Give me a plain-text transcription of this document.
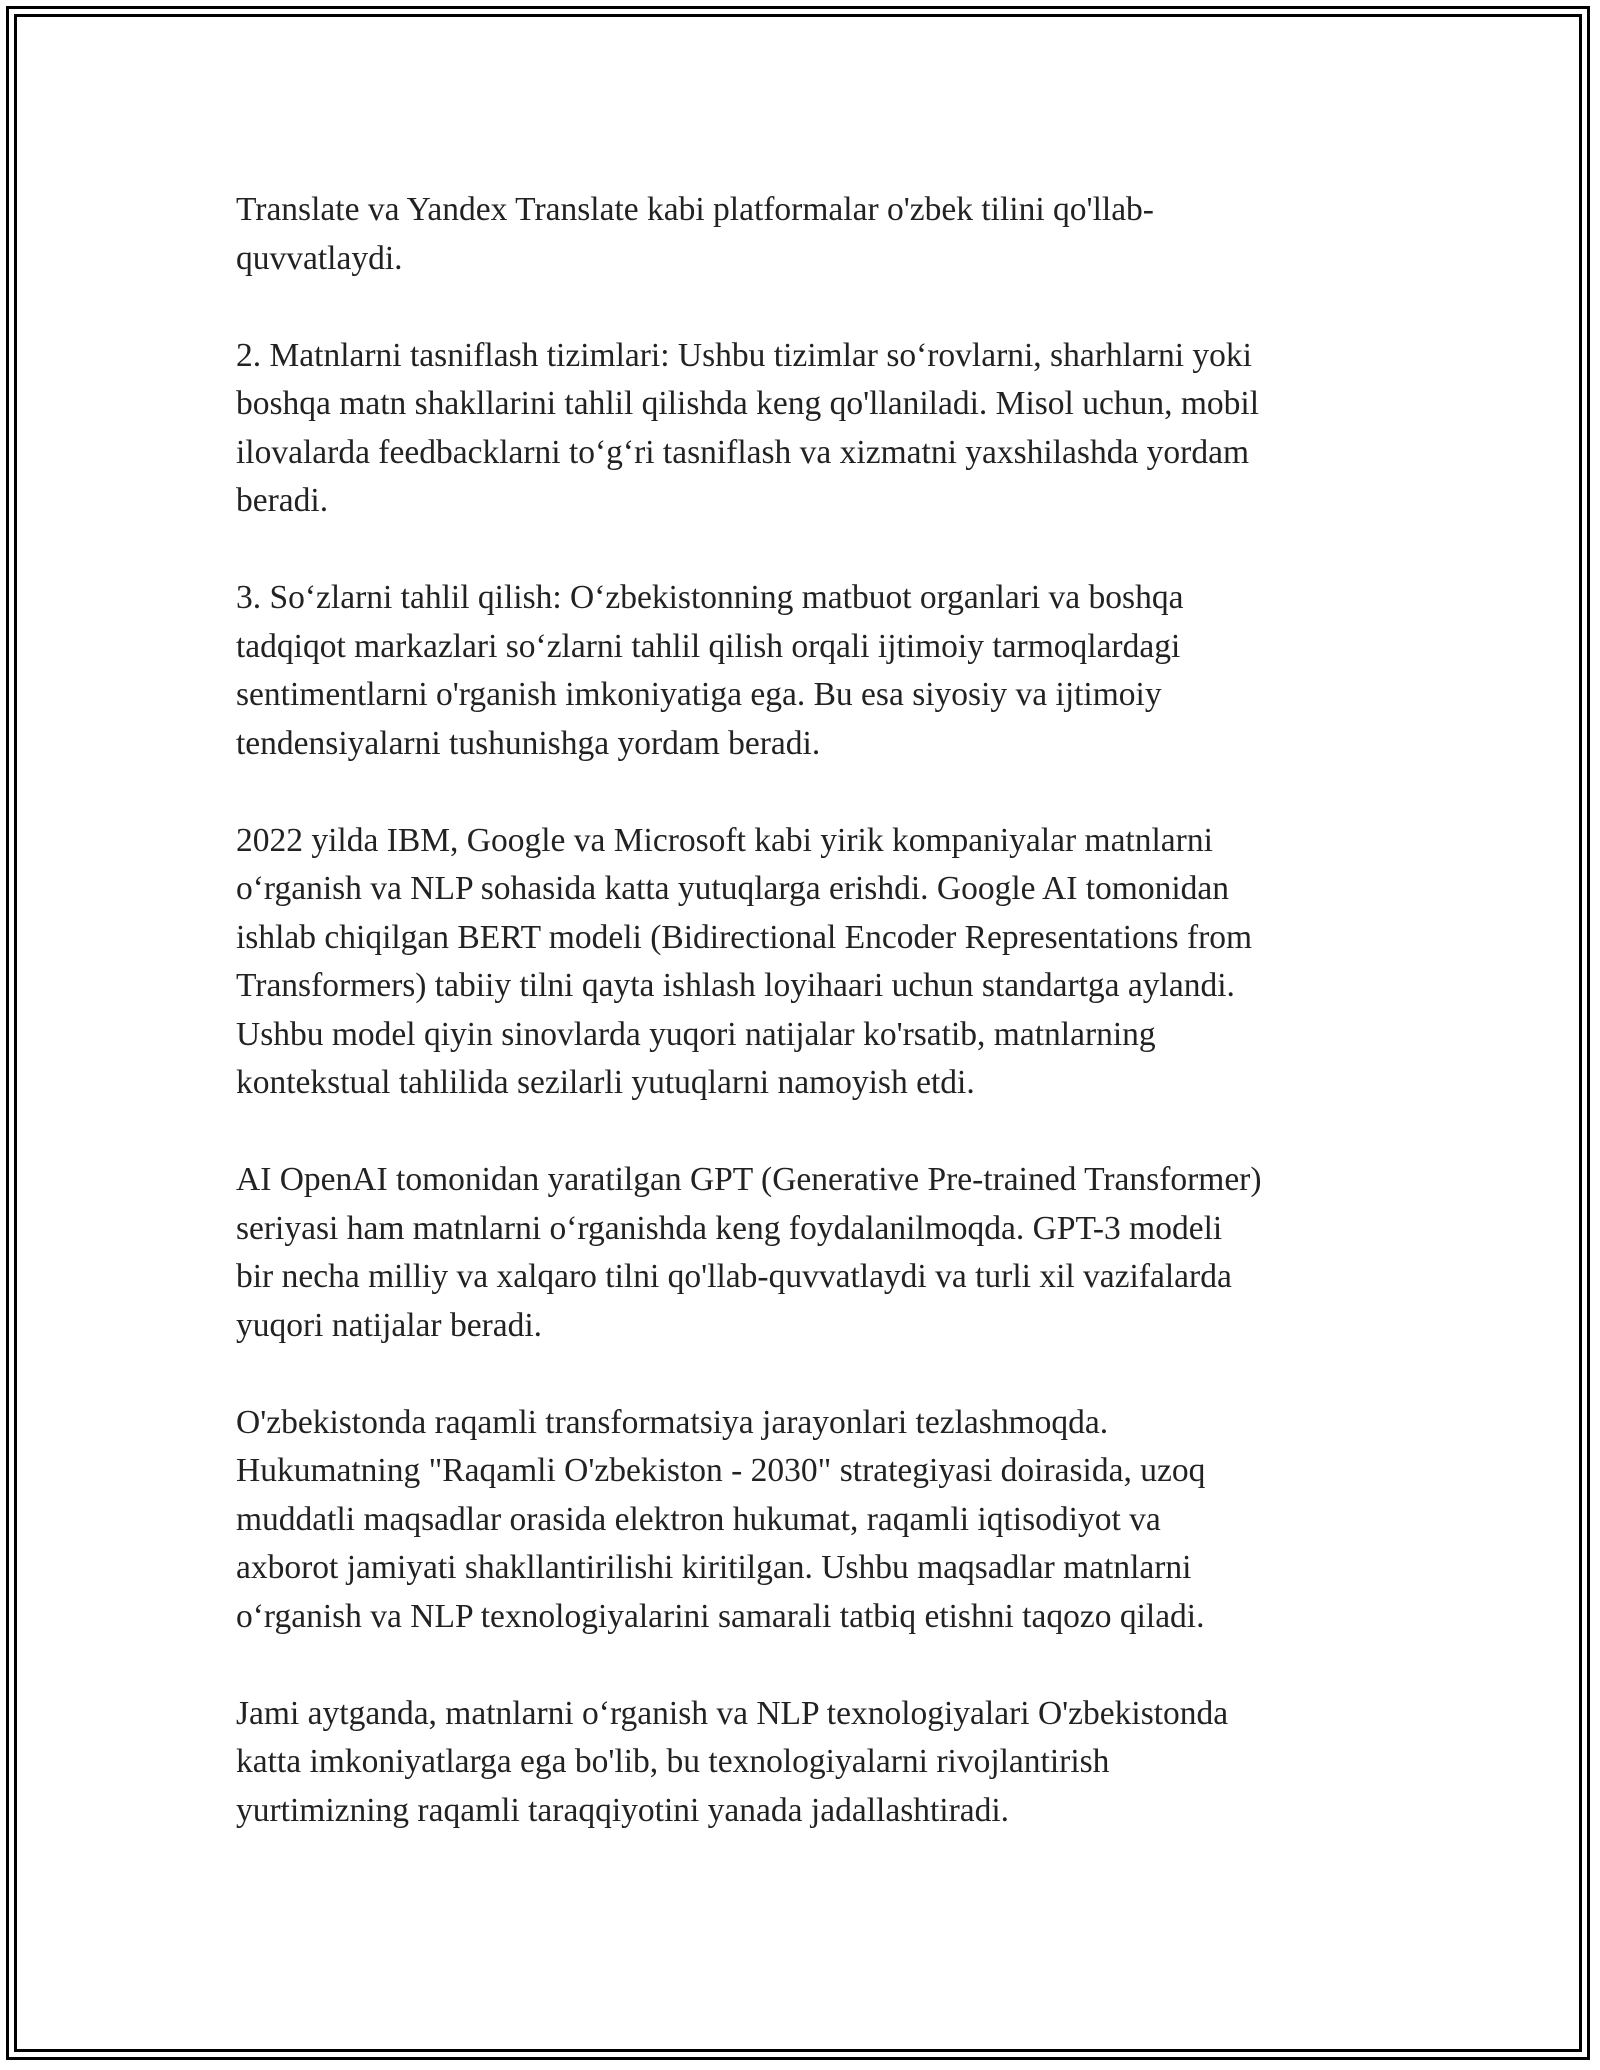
Translate va Yandex Translate kabi platformalar o'zbek tilini qo'llab-
quvvatlaydi.

2. Matnlarni tasniflash tizimlari: Ushbu tizimlar so‘rovlarni, sharhlarni yoki
boshqa matn shakllarini tahlil qilishda keng qo'llaniladi. Misol uchun, mobil
ilovalarda feedbacklarni to‘g‘ri tasniflash va xizmatni yaxshilashda yordam
beradi.

3. So‘zlarni tahlil qilish: O‘zbekistonning matbuot organlari va boshqa
tadqiqot markazlari so‘zlarni tahlil qilish orqali ijtimoiy tarmoqlardagi
sentimentlarni o'rganish imkoniyatiga ega. Bu esa siyosiy va ijtimoiy
tendensiyalarni tushunishga yordam beradi.

2022 yilda IBM, Google va Microsoft kabi yirik kompaniyalar matnlarni
o‘rganish va NLP sohasida katta yutuqlarga erishdi. Google AI tomonidan
ishlab chiqilgan BERT modeli (Bidirectional Encoder Representations from
Transformers) tabiiy tilni qayta ishlash loyihaari uchun standartga aylandi.
Ushbu model qiyin sinovlarda yuqori natijalar ko'rsatib, matnlarning
kontekstual tahlilida sezilarli yutuqlarni namoyish etdi.

AI OpenAI tomonidan yaratilgan GPT (Generative Pre-trained Transformer)
seriyasi ham matnlarni o‘rganishda keng foydalanilmoqda. GPT-3 modeli
bir necha milliy va xalqaro tilni qo'llab-quvvatlaydi va turli xil vazifalarda
yuqori natijalar beradi.

O'zbekistonda raqamli transformatsiya jarayonlari tezlashmoqda.
Hukumatning "Raqamli O'zbekiston - 2030" strategiyasi doirasida, uzoq
muddatli maqsadlar orasida elektron hukumat, raqamli iqtisodiyot va
axborot jamiyati shakllantirilishi kiritilgan. Ushbu maqsadlar matnlarni
o‘rganish va NLP texnologiyalarini samarali tatbiq etishni taqozo qiladi.

Jami aytganda, matnlarni o‘rganish va NLP texnologiyalari O'zbekistonda
katta imkoniyatlarga ega bo'lib, bu texnologiyalarni rivojlantirish
yurtimizning raqamli taraqqiyotini yanada jadallashtiradi.
